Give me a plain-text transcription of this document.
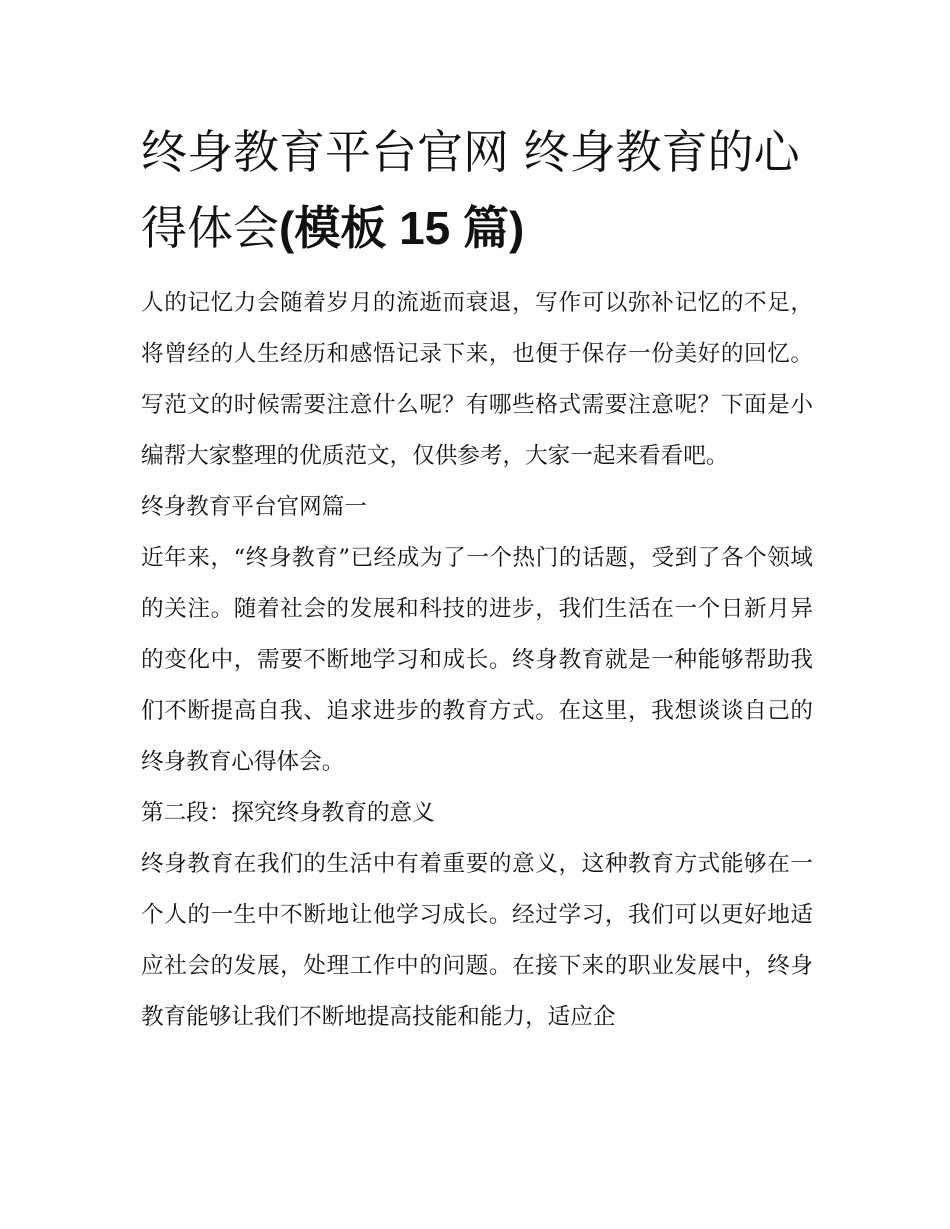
终身教育平台官网 终身教育的心得体会(模板 15 篇)

人的记忆力会随着岁月的流逝而衰退，写作可以弥补记忆的不足，将曾经的人生经历和感悟记录下来，也便于保存一份美好的回忆。写范文的时候需要注意什么呢？有哪些格式需要注意呢？下面是小编帮大家整理的优质范文，仅供参考，大家一起来看看吧。

终身教育平台官网篇一

近年来，“终身教育”已经成为了一个热门的话题，受到了各个领域的关注。随着社会的发展和科技的进步，我们生活在一个日新月异的变化中，需要不断地学习和成长。终身教育就是一种能够帮助我们不断提高自我、追求进步的教育方式。在这里，我想谈谈自己的终身教育心得体会。

第二段：探究终身教育的意义

终身教育在我们的生活中有着重要的意义，这种教育方式能够在一个人的一生中不断地让他学习成长。经过学习，我们可以更好地适应社会的发展，处理工作中的问题。在接下来的职业发展中，终身教育能够让我们不断地提高技能和能力，适应企
